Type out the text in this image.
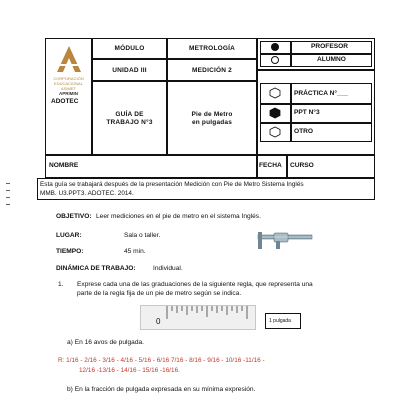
CORPORACIÓN
EDUCACIONAL
ASIMET
APRIMIN
ADOTEC
MÓDULO	METROLOGÍA
UNIDAD III	MEDICIÓN 2
GUÍA DE
TRABAJO N°3
Pie de Metro
en pulgadas
PROFESOR
ALUMNO
PRÁCTICA N°___
PPT N°3
OTRO
NOMBRE	FECHA CURSO
Esta guía se trabajará después de la presentación Medición con Pie de Metro Sistema Inglés
MMB. U3.PPT3. ADOTEC. 2014.
OBJETIVO: Leer mediciones en el pie de metro en el sistema Inglés.
LUGAR:	Sala o taller.
TIEMPO:	45 min.
DINÁMICA DE TRABAJO:	Individual.
1. Exprese cada una de las graduaciones de la siguiente regla, que representa una
parte de la regla fija de un pie de metro según se indica.
0	1 pulgada
a) En 16 avos de pulgada.
R: 1/16 - 2/16 - 3/16 - 4/16 - 5/16 - 6/16 7/16 - 8/16 - 9/16 - 10/16 -11/16 -
12/16 -13/16 - 14/16 - 15/16 -16/16.
b) En la fracción de pulgada expresada en su mínima expresión.
